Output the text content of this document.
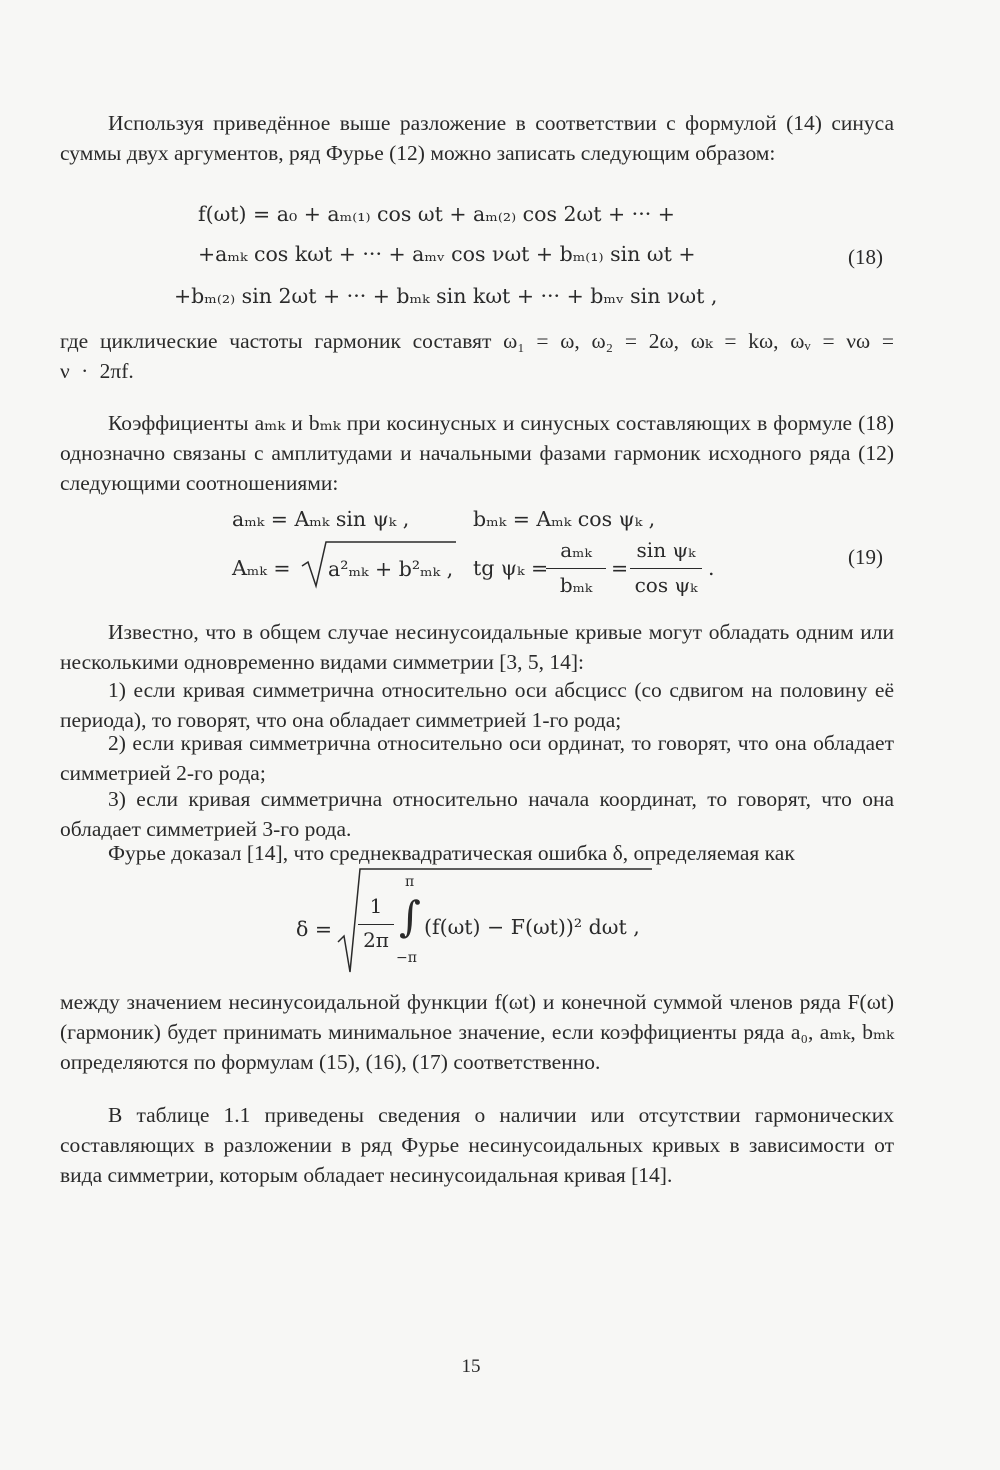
Используя приведённое выше разложение в соответствии с формулой (14) синуса суммы двух аргументов, ряд Фурье (12) можно записать следующим образом:

f(ωt) = a₀ + aₘ₍₁₎ cos ωt + aₘ₍₂₎ cos 2ωt + ··· +
+aₘₖ cos kωt + ··· + aₘᵥ cos νωt + bₘ₍₁₎ sin ωt +
+bₘ₍₂₎ sin 2ωt + ··· + bₘₖ sin kωt + ··· + bₘᵥ sin νωt ,
(18)

где циклические частоты гармоник составят ω₁ = ω, ω₂ = 2ω, ωₖ = kω, ωᵥ = νω = ν · 2πf.

Коэффициенты aₘₖ и bₘₖ при косинусных и синусных составляющих в формуле (18) однозначно связаны с амплитудами и начальными фазами гармоник исходного ряда (12) следующими соотношениями:

aₘₖ = Aₘₖ sin ψₖ ,	bₘₖ = Aₘₖ cos ψₖ ,
Aₘₖ = a²ₘₖ + b²ₘₖ , tg ψₖ =
aₘₖ
bₘₖ
=
sin ψₖ
cos ψₖ
.	(19)

Известно, что в общем случае несинусоидальные кривые могут обладать одним или несколькими одновременно видами симметрии [3, 5, 14]:

1) если кривая симметрична относительно оси абсцисс (со сдвигом на половину её периода), то говорят, что она обладает симметрией 1-го рода;

2) если кривая симметрична относительно оси ординат, то говорят, что она обладает симметрией 2-го рода;

3) если кривая симметрична относительно начала координат, то говорят, что она обладает симметрией 3-го рода.

Фурье доказал [14], что среднеквадратическая ошибка δ, определяемая как

δ =
1
2π ∫
π
−π
(f(ωt) − F(ωt))² dωt ,

между значением несинусоидальной функции f(ωt) и конечной суммой членов ряда F(ωt) (гармоник) будет принимать минимальное значение, если коэффициенты ряда a₀, aₘₖ, bₘₖ определяются по формулам (15), (16), (17) соответственно.

В таблице 1.1 приведены сведения о наличии или отсутствии гармонических составляющих в разложении в ряд Фурье несинусоидальных кривых в зависимости от вида симметрии, которым обладает несинусоидальная кривая [14].

15
